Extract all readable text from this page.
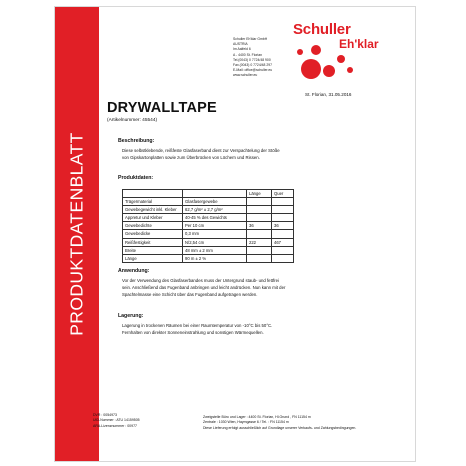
PRODUKTDATENBLATT
Schuller Eh'klar GmbH
AUSTRIA
Im Aalfeld 6
A - 4400 St. Florian
Tel.(0043) 0 7724/48 900
Fax.(0043) 0 7724/48 297
E-Mail: office@schuller.eu
www.schuller.eu
Schuller
Eh'klar
St. Florian, 31.05.2016
DRYWALLTAPE
(Artikelnummer: 45544)
Beschreibung:
Diese selbstklebende, reißfeste Glasfaserband dient zur Verspachtelung der Stöße
von Gipskartonplatten sowie zum Überbrücken von Löchern und Rissen.
Produktdaten:
		Länge	Quer
Trägermaterial	Glasfasergewebe		
Gewebegewicht inkl. Kleber	62,7 g/m² ± 2,7 g/m²		
Appretur und Kleber	40-45 % des Gewichts		
Gewebedichte	Per 10 cm	36	36
Gewebedicke	0,3 mm		
Reißfestigkeit	N/2,54 cm	222	467
Breite	48 mm ± 2 mm		
Länge	90 m ± 2 %		
Anwendung:
Vor der Verwendung des Glasfaserbandes muss der Untergrund staub- und fettfrei
sein. Anschließend das Fugenband anbringen und leicht andrücken. Nun kann mit der
Spachtelmasse eine Schicht über das Fugenband aufgetragen werden.
Lagerung:
Lagerung in trockenen Räumen bei einer Raumtemperatur von -10°C bis 50°C.
Fernhalten von direkter Sonneneinstrahlung und sonstigen Wärmequellen.
DVR : 0054973
UID-Nummer : ATU 14159505
ARA-Lizenznummer : 00977
Zweigstelle Büro und Lager : 4400 St. Florian, Hl.Grund , FN 11154 m
Zentrale : 1030 Wien, Haymgasse 6 / Tel. : FN 11154 m
Diese Lieferung erfolgt ausschließlich auf Grundlage unserer Verkaufs- und Zahlungsbedingungen.
